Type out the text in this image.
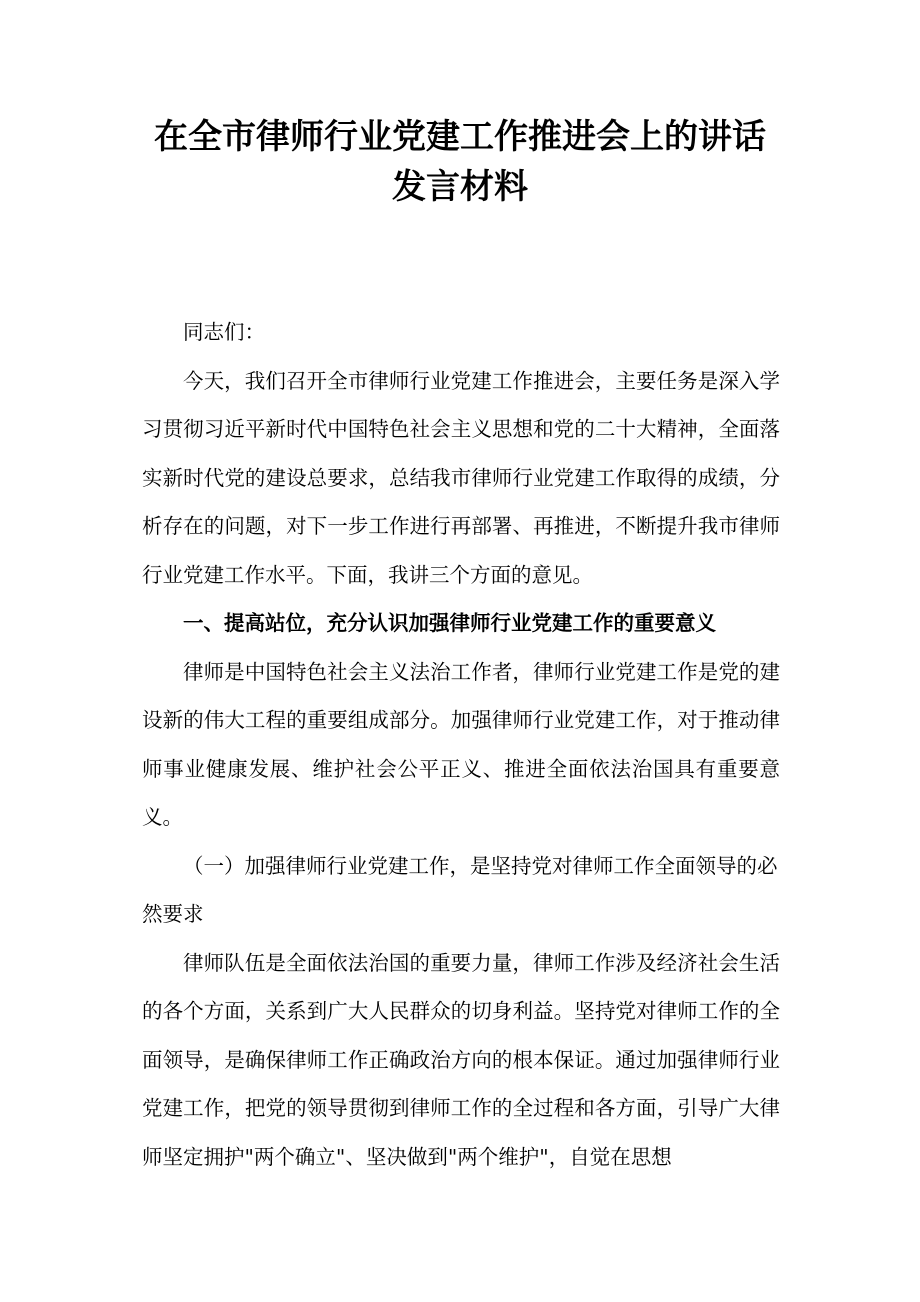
在全市律师行业党建工作推进会上的讲话
发言材料

同志们：

今天，我们召开全市律师行业党建工作推进会，主要任务是深入学习贯彻习近平新时代中国特色社会主义思想和党的二十大精神，全面落实新时代党的建设总要求，总结我市律师行业党建工作取得的成绩，分析存在的问题，对下一步工作进行再部署、再推进，不断提升我市律师行业党建工作水平。下面，我讲三个方面的意见。

一、提高站位，充分认识加强律师行业党建工作的重要意义

律师是中国特色社会主义法治工作者，律师行业党建工作是党的建设新的伟大工程的重要组成部分。加强律师行业党建工作，对于推动律师事业健康发展、维护社会公平正义、推进全面依法治国具有重要意义。

（一）加强律师行业党建工作，是坚持党对律师工作全面领导的必然要求

律师队伍是全面依法治国的重要力量，律师工作涉及经济社会生活的各个方面，关系到广大人民群众的切身利益。坚持党对律师工作的全面领导，是确保律师工作正确政治方向的根本保证。通过加强律师行业党建工作，把党的领导贯彻到律师工作的全过程和各方面，引导广大律师坚定拥护"两个确立"、坚决做到"两个维护"，自觉在思想
